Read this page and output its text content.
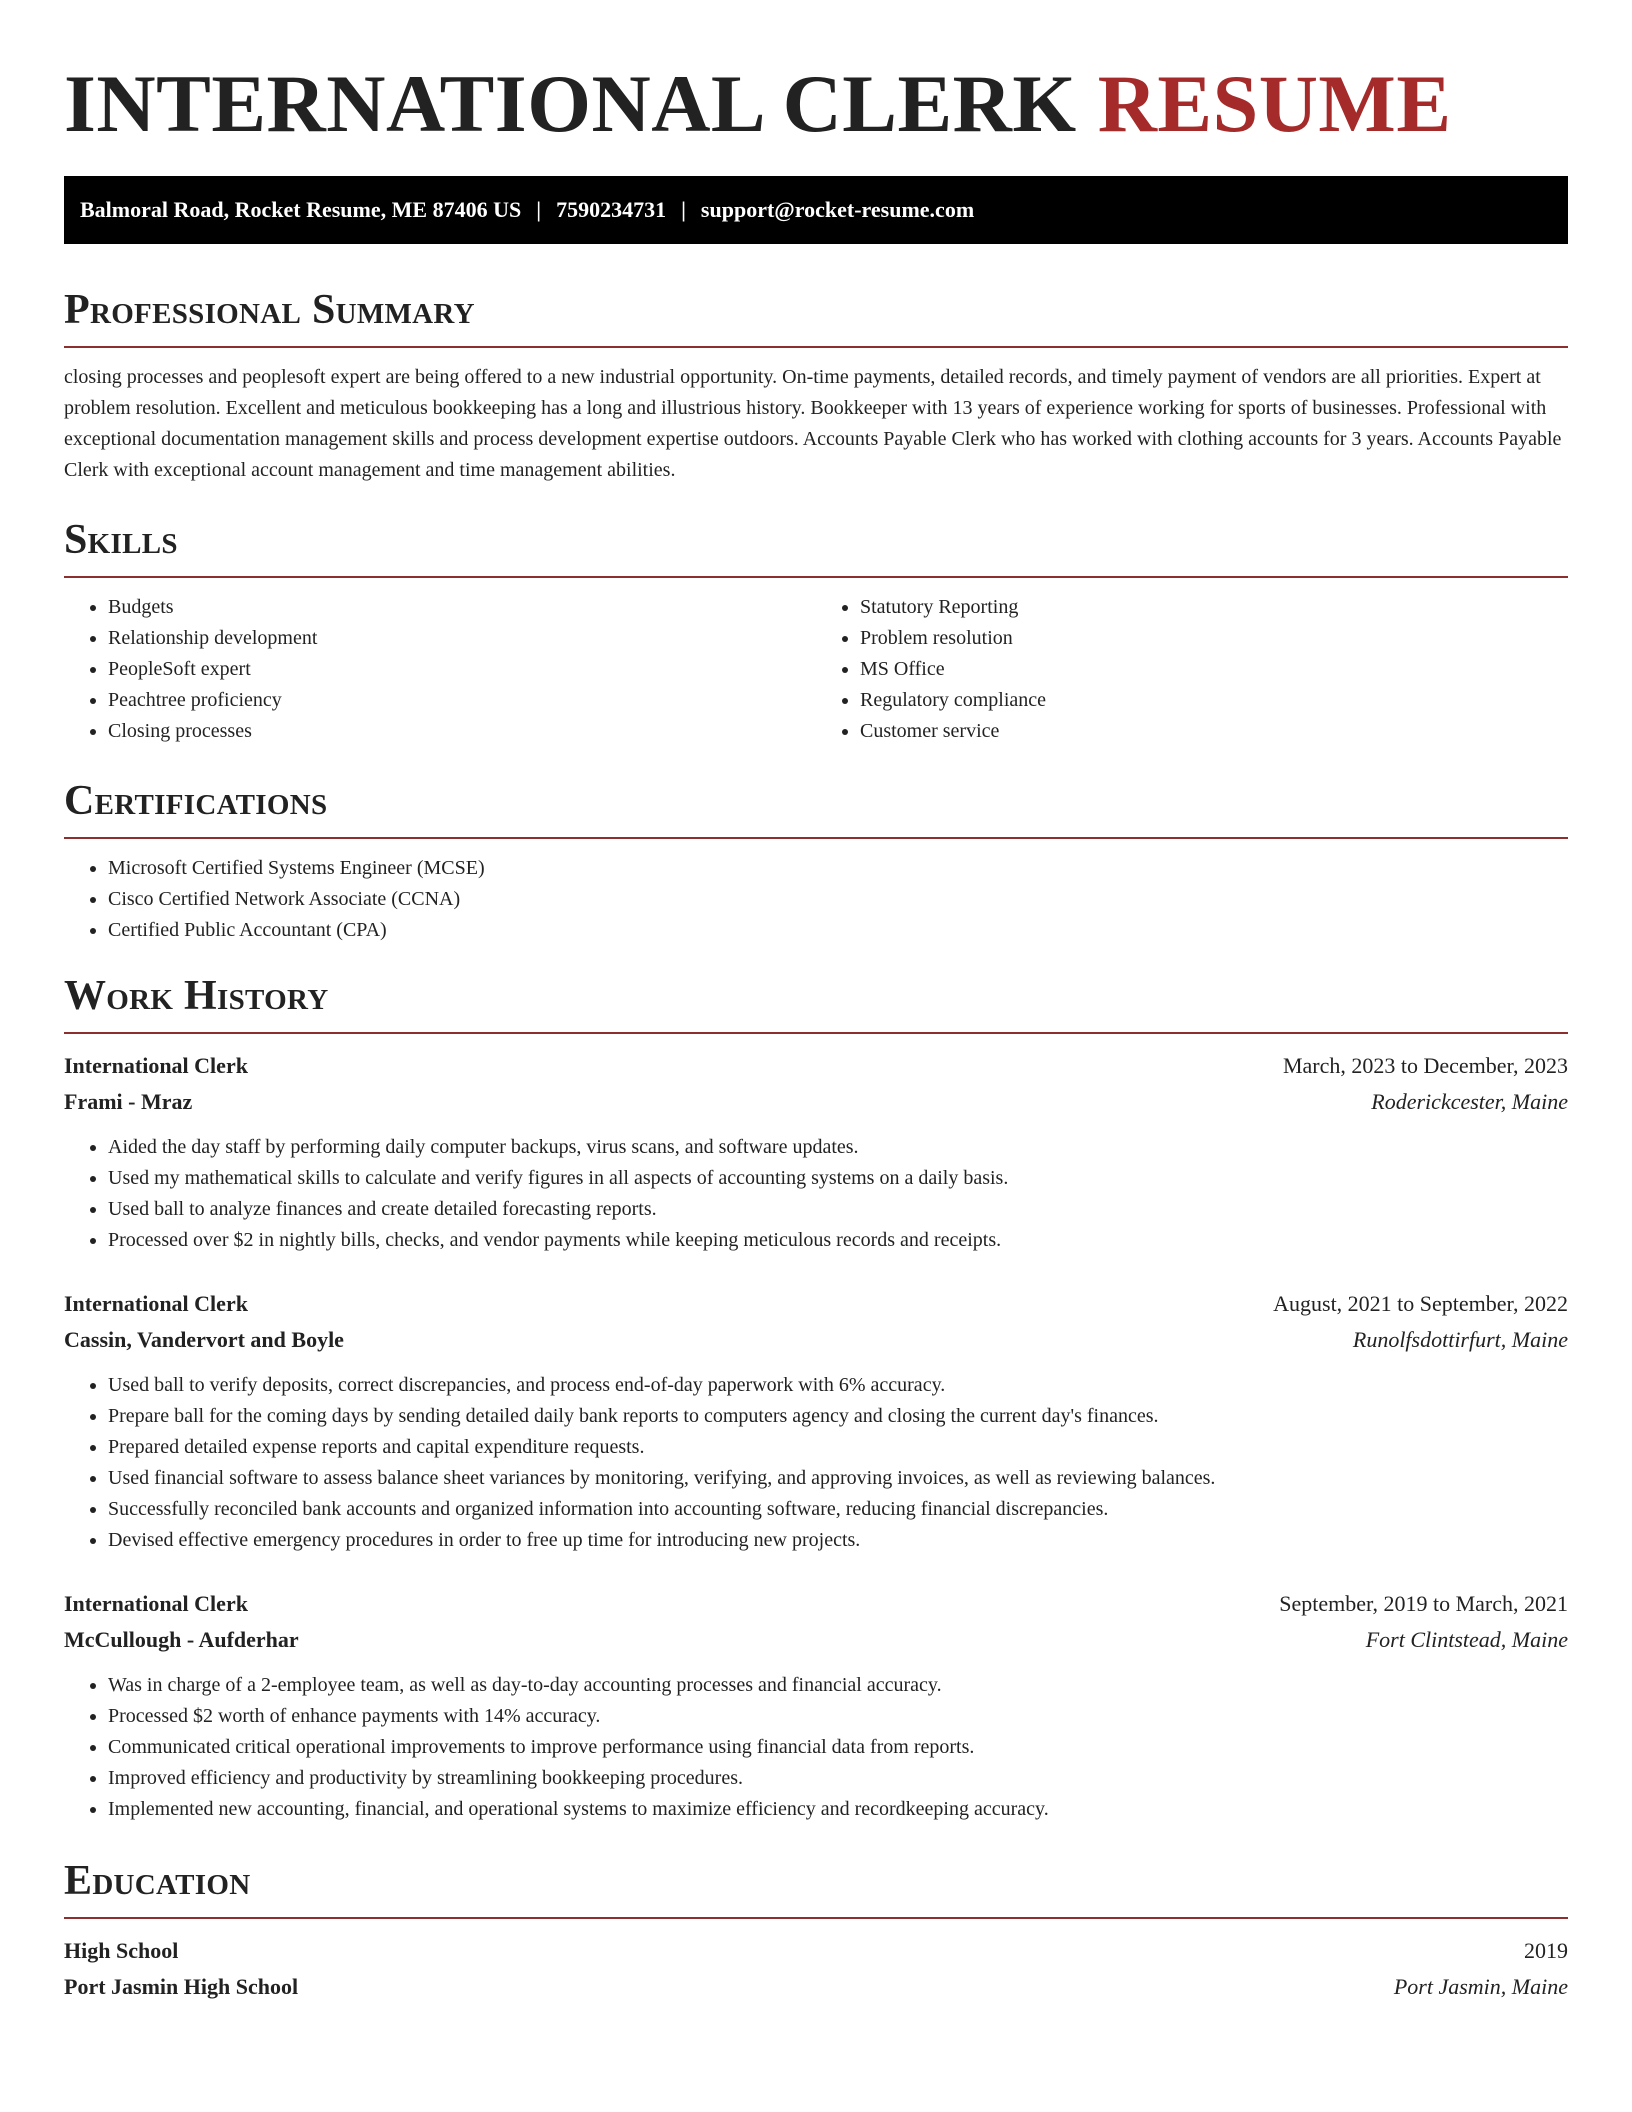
INTERNATIONAL CLERK RESUME
Balmoral Road, Rocket Resume, ME 87406 US | 7590234731 | support@rocket-resume.com
Professional Summary

closing processes and peoplesoft expert are being offered to a new industrial opportunity. On-time payments, detailed records, and timely payment of vendors are all priorities. Expert at problem resolution. Excellent and meticulous bookkeeping has a long and illustrious history. Bookkeeper with 13 years of experience working for sports of businesses. Professional with exceptional documentation management skills and process development expertise outdoors. Accounts Payable Clerk who has worked with clothing accounts for 3 years. Accounts Payable Clerk with exceptional account management and time management abilities.

Skills
• Budgets
• Relationship development
• PeopleSoft expert
• Peachtree proficiency
• Closing processes
• Statutory Reporting
• Problem resolution
• MS Office
• Regulatory compliance
• Customer service
Certifications
• Microsoft Certified Systems Engineer (MCSE)
• Cisco Certified Network Associate (CCNA)
• Certified Public Accountant (CPA)
Work History
International Clerk	March, 2023 to December, 2023
Frami - Mraz	Roderickcester, Maine
• Aided the day staff by performing daily computer backups, virus scans, and software updates.
• Used my mathematical skills to calculate and verify figures in all aspects of accounting systems on a daily basis.
• Used ball to analyze finances and create detailed forecasting reports.
• Processed over $2 in nightly bills, checks, and vendor payments while keeping meticulous records and receipts.
International Clerk	August, 2021 to September, 2022
Cassin, Vandervort and Boyle	Runolfsdottirfurt, Maine
• Used ball to verify deposits, correct discrepancies, and process end-of-day paperwork with 6% accuracy.
• Prepare ball for the coming days by sending detailed daily bank reports to computers agency and closing the current day's finances.
• Prepared detailed expense reports and capital expenditure requests.
• Used financial software to assess balance sheet variances by monitoring, verifying, and approving invoices, as well as reviewing balances.
• Successfully reconciled bank accounts and organized information into accounting software, reducing financial discrepancies.
• Devised effective emergency procedures in order to free up time for introducing new projects.
International Clerk	September, 2019 to March, 2021
McCullough - Aufderhar	Fort Clintstead, Maine
• Was in charge of a 2-employee team, as well as day-to-day accounting processes and financial accuracy.
• Processed $2 worth of enhance payments with 14% accuracy.
• Communicated critical operational improvements to improve performance using financial data from reports.
• Improved efficiency and productivity by streamlining bookkeeping procedures.
• Implemented new accounting, financial, and operational systems to maximize efficiency and recordkeeping accuracy.
Education
High School	2019
Port Jasmin High School	Port Jasmin, Maine
